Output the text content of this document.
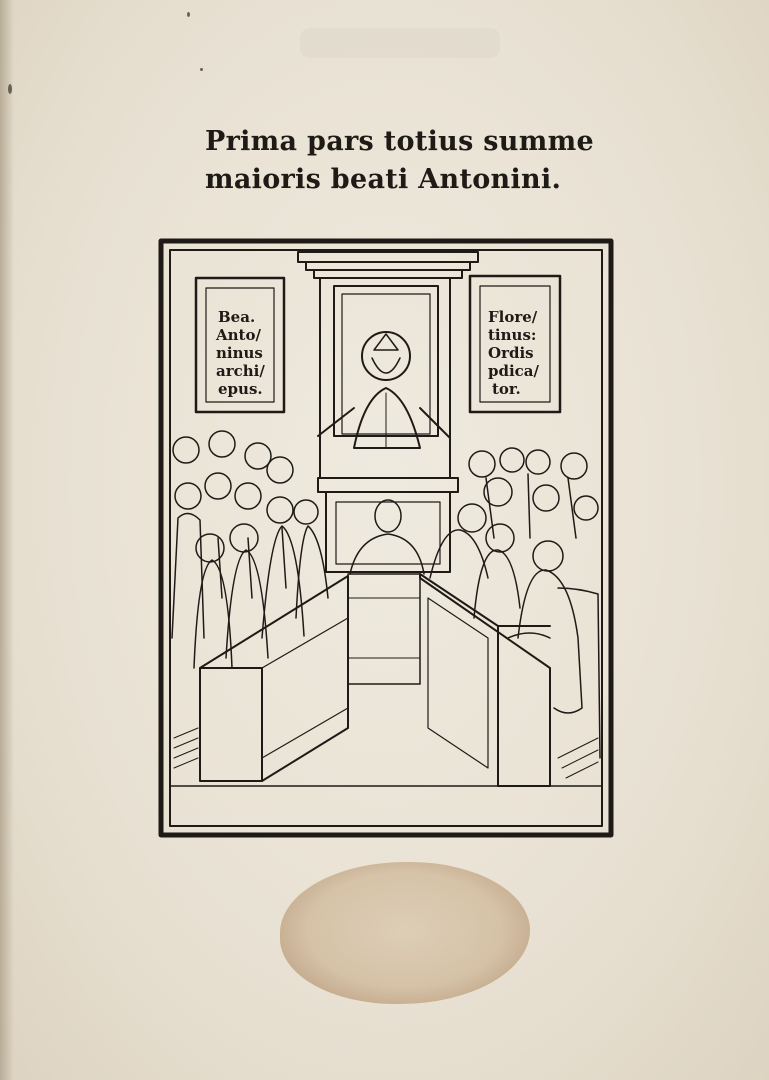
Prima pars totius summe
maioris beati Antonini.
Bea.
Anto/
ninus
archi/
epus.
Flore/
tinus:
Ordis
pdica/
tor.
